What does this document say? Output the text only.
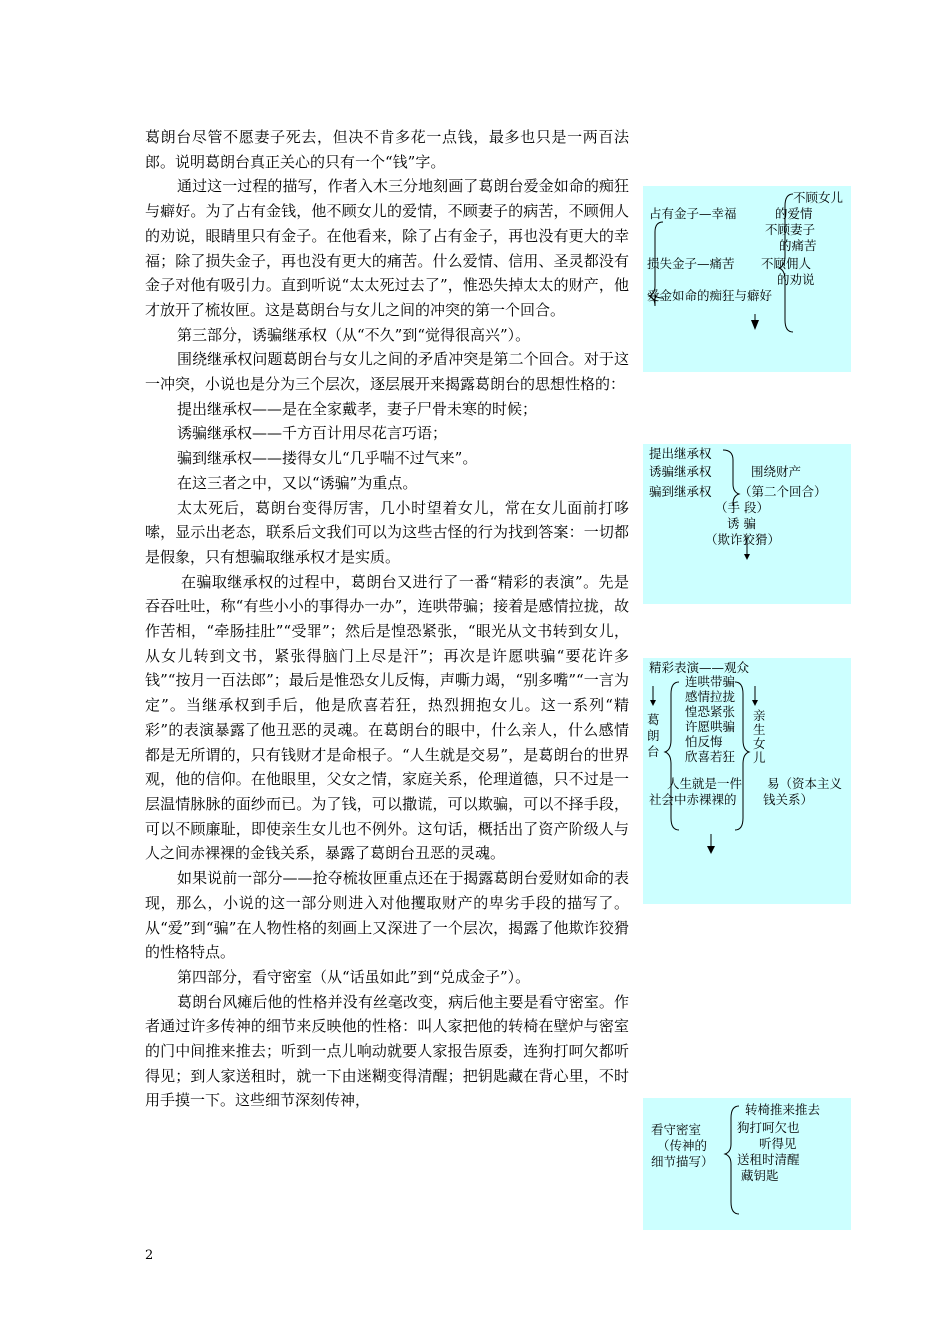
葛朗台尽管不愿妻子死去，但决不肯多花一点钱，最多也只是一两百法郎。说明葛朗台真正关心的只有一个“钱”字。

通过这一过程的描写，作者入木三分地刻画了葛朗台爱金如命的痴狂与癖好。为了占有金钱，他不顾女儿的爱情，不顾妻子的病苦，不顾佣人的劝说，眼睛里只有金子。在他看来，除了占有金子，再也没有更大的幸福；除了损失金子，再也没有更大的痛苦。什么爱情、信用、圣灵都没有金子对他有吸引力。直到听说“太太死过去了”，惟恐失掉太太的财产，他才放开了梳妆匣。这是葛朗台与女儿之间的冲突的第一个回合。

第三部分，诱骗继承权（从“不久”到“觉得很高兴”）。

围绕继承权问题葛朗台与女儿之间的矛盾冲突是第二个回合。对于这一冲突，小说也是分为三个层次，逐层展开来揭露葛朗台的思想性格的：

提出继承权——是在全家戴孝，妻子尸骨未寒的时候；

诱骗继承权——千方百计用尽花言巧语；

骗到继承权——搂得女儿“几乎喘不过气来”。

在这三者之中，又以“诱骗”为重点。

太太死后，葛朗台变得厉害，几小时望着女儿，常在女儿面前打哆嗦，显示出老态，联系后文我们可以为这些古怪的行为找到答案：一切都是假象，只有想骗取继承权才是实质。

在骗取继承权的过程中，葛朗台又进行了一番“精彩的表演”。先是吞吞吐吐，称“有些小小的事得办一办”，连哄带骗；接着是感情拉拢，故作苦相，“牵肠挂肚”“受罪”；然后是惶恐紧张，“眼光从文书转到女儿，从女儿转到文书，紧张得脑门上尽是汗”；再次是许愿哄骗“要花许多钱”“按月一百法郎”；最后是惟恐女儿反悔，声嘶力竭，“别多嘴”“一言为定”。当继承权到手后，他是欣喜若狂，热烈拥抱女儿。这一系列“精彩”的表演暴露了他丑恶的灵魂。在葛朗台的眼中，什么亲人，什么感情都是无所谓的，只有钱财才是命根子。“人生就是交易”，是葛朗台的世界观，他的信仰。在他眼里，父女之情，家庭关系，伦理道德，只不过是一层温情脉脉的面纱而已。为了钱，可以撒谎，可以欺骗，可以不择手段，可以不顾廉耻，即使亲生女儿也不例外。这句话，概括出了资产阶级人与人之间赤裸裸的金钱关系，暴露了葛朗台丑恶的灵魂。

如果说前一部分——抢夺梳妆匣重点还在于揭露葛朗台爱财如命的表现，那么，小说的这一部分则进入对他攫取财产的卑劣手段的描写了。从“爱”到“骗”在人物性格的刻画上又深进了一个层次，揭露了他欺诈狡猾的性格特点。

第四部分，看守密室（从“话虽如此”到“兑成金子”）。

葛朗台风瘫后他的性格并没有丝毫改变，病后他主要是看守密室。作者通过许多传神的细节来反映他的性格：叫人家把他的转椅在壁炉与密室的门中间推来推去；听到一点儿响动就要人家报告原委，连狗打呵欠都听得见；到人家送租时，就一下由迷糊变得清醒；把钥匙藏在背心里，不时用手摸一下。这些细节深刻传神，

2
不顾女儿
占有金子—幸福	的爱情
不顾妻子
的痛苦
损失金子—痛苦 不顾佣人
的劝说
爱金如命的痴狂与癖好
提出继承权
诱骗继承权	围绕财产
骗到继承权 （第二个回合）
（手 段）
诱 骗
（欺诈狡猾）
精彩表演——观众
连哄带骗
感情拉拢
惶恐紧张
许愿哄骗
怕反悔
欣喜若狂
葛
朗
台
亲
生
女
儿
人生就是一件 易（资本主义
社会中赤裸裸的 钱关系）
转椅推来推去
看守密室	狗打呵欠也
（传神的	听得见
细节描写） 送租时清醒
藏钥匙
